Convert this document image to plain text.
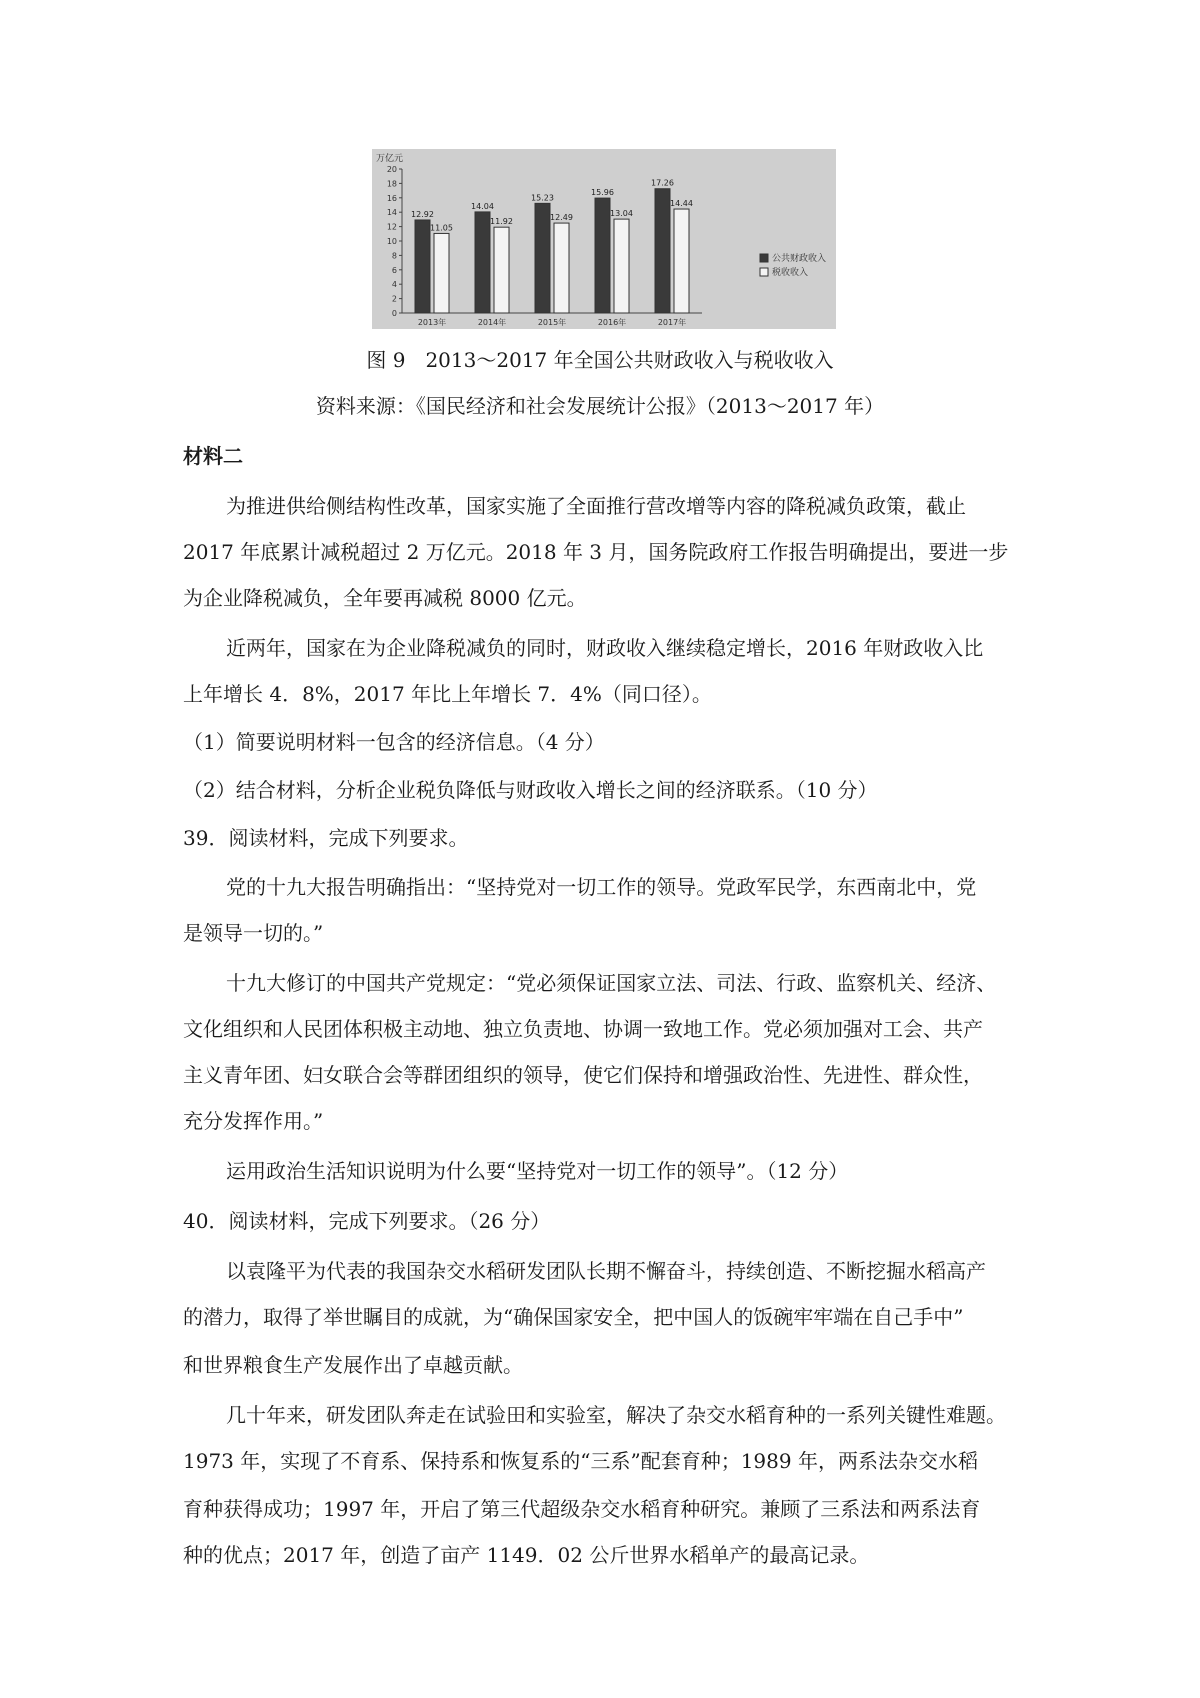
万亿元
0
2
4
6
8
10
12
14
16
18
20
12.92
11.05
2013年
14.04
11.92
2014年
15.23
12.49
2015年
15.96
13.04
2016年
17.26
14.44
2017年
公共财政收入
税收收入
图 9　2013～2017 年全国公共财政收入与税收收入
资料来源：《国民经济和社会发展统计公报》（2013～2017 年）
材料二
为推进供给侧结构性改革，国家实施了全面推行营改增等内容的降税减负政策，截止
2017 年底累计减税超过 2 万亿元。2018 年 3 月，国务院政府工作报告明确提出，要进一步
为企业降税减负，全年要再减税 8000 亿元。
近两年，国家在为企业降税减负的同时，财政收入继续稳定增长，2016 年财政收入比
上年增长 4．8%，2017 年比上年增长 7．4%（同口径）。
（1）简要说明材料一包含的经济信息。（4 分）
（2）结合材料，分析企业税负降低与财政收入增长之间的经济联系。（10 分）
39．阅读材料，完成下列要求。
党的十九大报告明确指出：“坚持党对一切工作的领导。党政军民学，东西南北中，党
是领导一切的。”
十九大修订的中国共产党规定：“党必须保证国家立法、司法、行政、监察机关、经济、
文化组织和人民团体积极主动地、独立负责地、协调一致地工作。党必须加强对工会、共产
主义青年团、妇女联合会等群团组织的领导，使它们保持和增强政治性、先进性、群众性，
充分发挥作用。”
运用政治生活知识说明为什么要“坚持党对一切工作的领导”。（12 分）
40．阅读材料，完成下列要求。（26 分）
以袁隆平为代表的我国杂交水稻研发团队长期不懈奋斗，持续创造、不断挖掘水稻高产
的潜力，取得了举世瞩目的成就，为“确保国家安全，把中国人的饭碗牢牢端在自己手中”
和世界粮食生产发展作出了卓越贡献。
几十年来，研发团队奔走在试验田和实验室，解决了杂交水稻育种的一系列关键性难题。
1973 年，实现了不育系、保持系和恢复系的“三系”配套育种；1989 年，两系法杂交水稻
育种获得成功；1997 年，开启了第三代超级杂交水稻育种研究。兼顾了三系法和两系法育
种的优点；2017 年，创造了亩产 1149．02 公斤世界水稻单产的最高记录。
